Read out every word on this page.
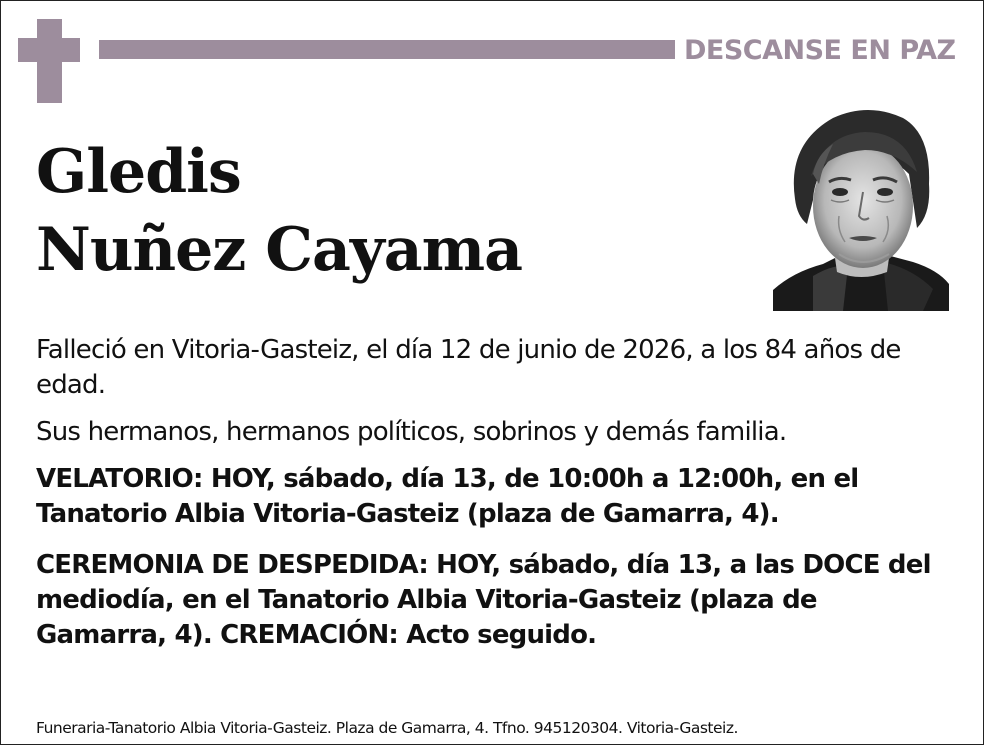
DESCANSE EN PAZ
Gledis
Nuñez Cayama
Falleció en Vitoria-Gasteiz, el día 12 de junio de 2026, a los 84 años de edad.
Sus hermanos, hermanos políticos, sobrinos y demás familia.
VELATORIO: HOY, sábado, día 13, de 10:00h a 12:00h, en el Tanatorio Albia Vitoria-Gasteiz (plaza de Gamarra, 4).
CEREMONIA DE DESPEDIDA: HOY, sábado, día 13, a las DOCE del mediodía, en el Tanatorio Albia Vitoria-Gasteiz (plaza de Gamarra, 4). CREMACIÓN: Acto seguido.
Funeraria-Tanatorio Albia Vitoria-Gasteiz. Plaza de Gamarra, 4. Tfno. 945120304. Vitoria-Gasteiz.
